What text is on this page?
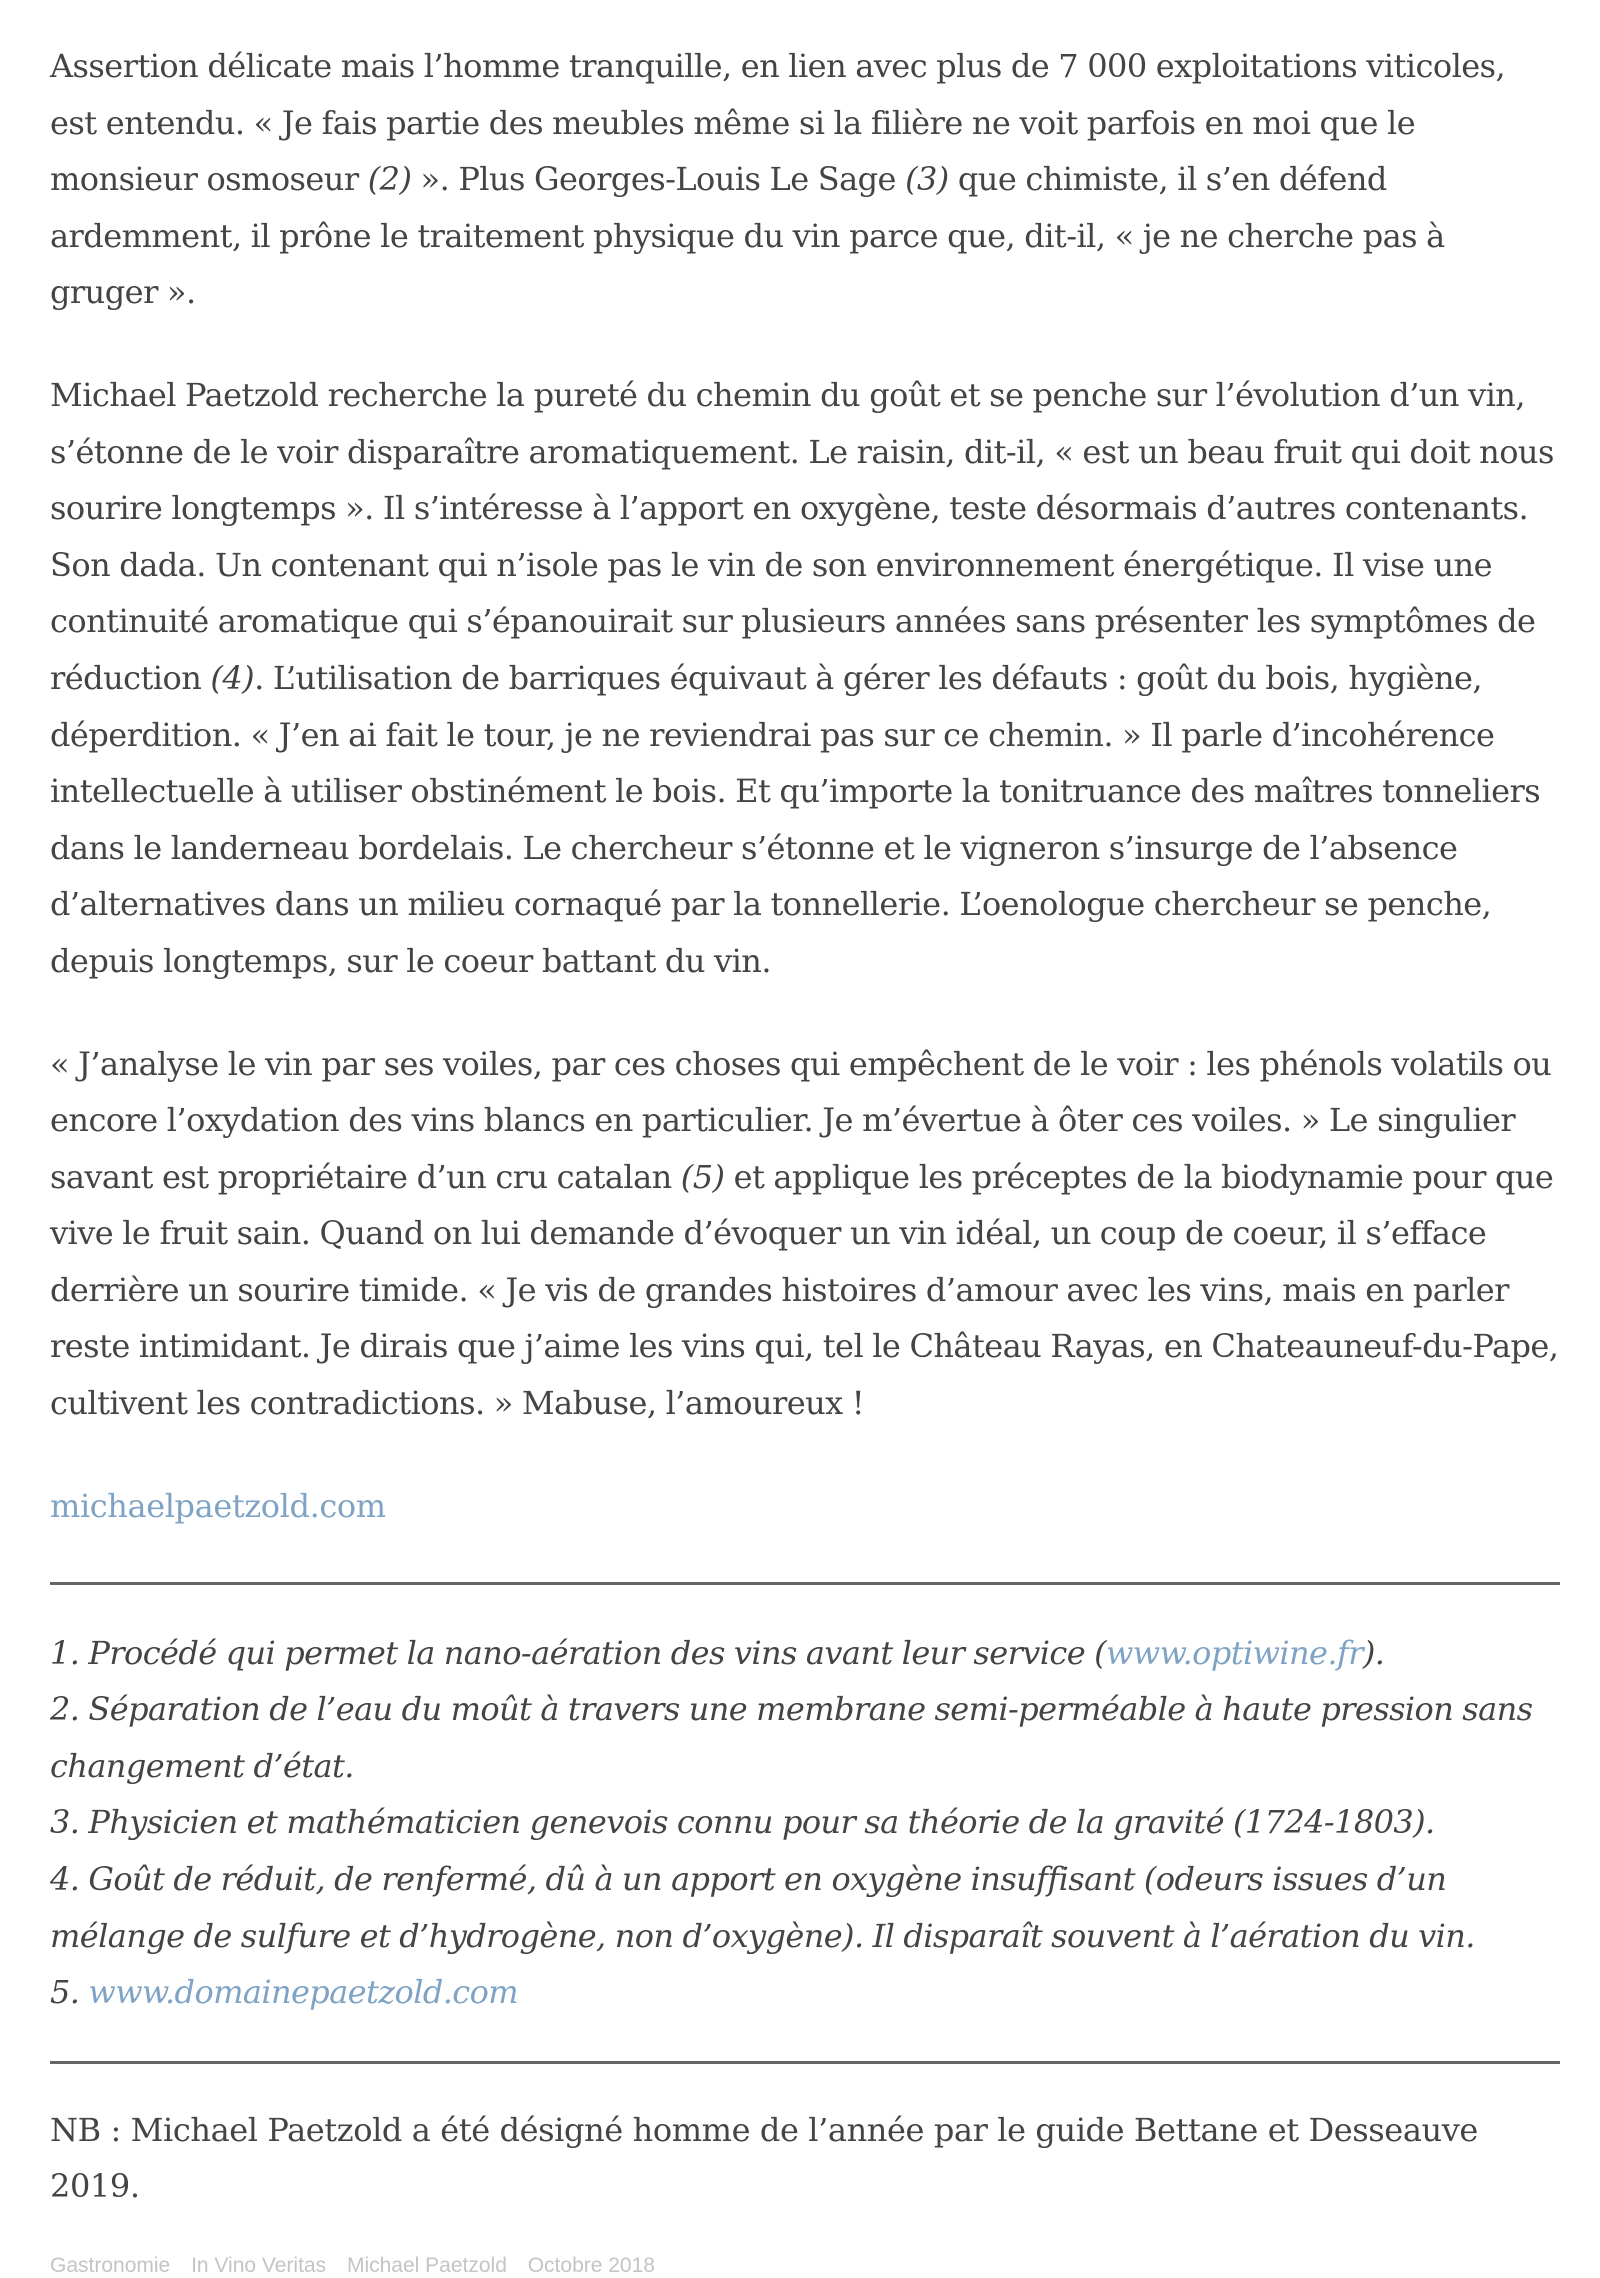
Assertion délicate mais l’homme tranquille, en lien avec plus de 7 000 exploitations viticoles, est entendu. « Je fais partie des meubles même si la filière ne voit parfois en moi que le monsieur osmoseur (2) ». Plus Georges-Louis Le Sage (3) que chimiste, il s’en défend ardemment, il prône le traitement physique du vin parce que, dit-il, « je ne cherche pas à gruger ».

Michael Paetzold recherche la pureté du chemin du goût et se penche sur l’évolution d’un vin, s’étonne de le voir disparaître aromatiquement. Le raisin, dit-il, « est un beau fruit qui doit nous sourire longtemps ». Il s’intéresse à l’apport en oxygène, teste désormais d’autres contenants. Son dada. Un contenant qui n’isole pas le vin de son environnement énergétique. Il vise une continuité aromatique qui s’épanouirait sur plusieurs années sans présenter les symptômes de réduction (4). L’utilisation de barriques équivaut à gérer les défauts : goût du bois, hygiène, déperdition. « J’en ai fait le tour, je ne reviendrai pas sur ce chemin. » Il parle d’incohérence intellectuelle à utiliser obstinément le bois. Et qu’importe la tonitruance des maîtres tonneliers dans le landerneau bordelais. Le chercheur s’étonne et le vigneron s’insurge de l’absence d’alternatives dans un milieu cornaqué par la tonnellerie. L’oenologue chercheur se penche, depuis longtemps, sur le coeur battant du vin.

« J’analyse le vin par ses voiles, par ces choses qui empêchent de le voir : les phénols volatils ou encore l’oxydation des vins blancs en particulier. Je m’évertue à ôter ces voiles. » Le singulier savant est propriétaire d’un cru catalan (5) et applique les préceptes de la biodynamie pour que vive le fruit sain. Quand on lui demande d’évoquer un vin idéal, un coup de coeur, il s’efface derrière un sourire timide. « Je vis de grandes histoires d’amour avec les vins, mais en parler reste intimidant. Je dirais que j’aime les vins qui, tel le Château Rayas, en Chateauneuf-du-Pape, cultivent les contradictions. » Mabuse, l’amoureux !

michaelpaetzold.com
1. Procédé qui permet la nano-aération des vins avant leur service (www.optiwine.fr).
2. Séparation de l’eau du moût à travers une membrane semi-perméable à haute pression sans changement d’état.
3. Physicien et mathématicien genevois connu pour sa théorie de la gravité (1724-1803).
4. Goût de réduit, de renfermé, dû à un apport en oxygène insuffisant (odeurs issues d’un mélange de sulfure et d’hydrogène, non d’oxygène). Il disparaît souvent à l’aération du vin.
5. www.domainepaetzold.com

NB : Michael Paetzold a été désigné homme de l’année par le guide Bettane et Desseauve 2019.

Gastronomie In Vino Veritas Michael Paetzold Octobre 2018
